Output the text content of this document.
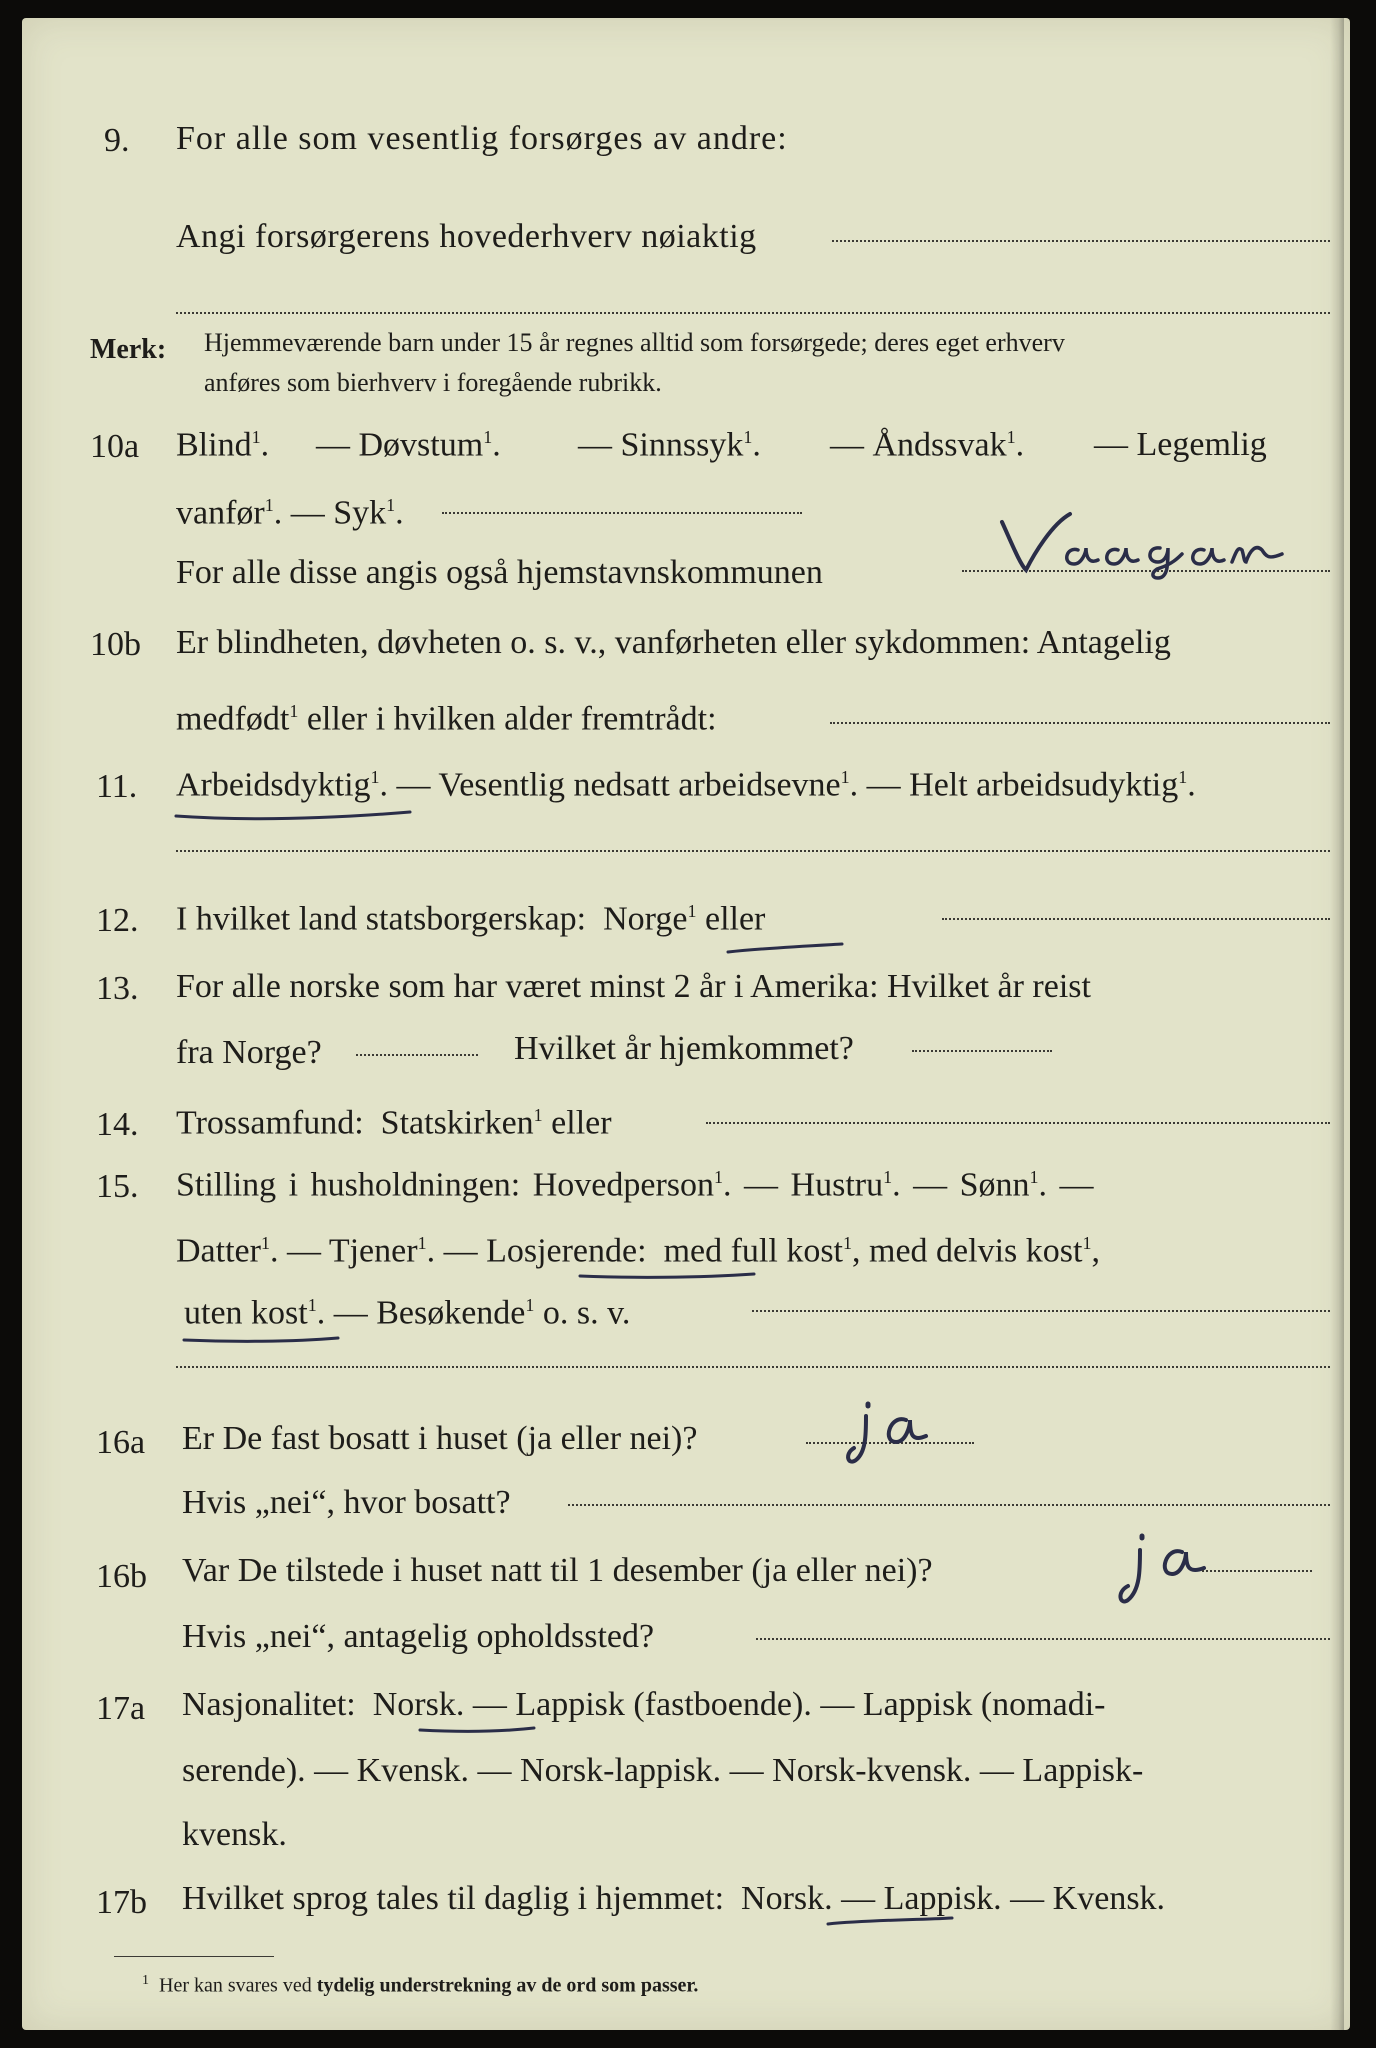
9. For alle som vesentlig forsørges av andre:
Angi forsørgerens hovederhverv nøiaktig
Merk: Hjemmeværende barn under 15 år regnes alltid som forsørgede; deres eget erhverv
anføres som bierhverv i foregående rubrikk.
10a Blind$^1$. — Døvstum$^1$. — Sinnssyk$^1$. — Åndssvak$^1$. — Legemlig
vanfør$^1$. — Syk$^1$.
For alle disse angis også hjemstavnskommunen
10b Er blindheten, døvheten o. s. v., vanførheten eller sykdommen: Antagelig
medfødt$^1$ eller i hvilken alder fremtrådt:
11. Arbeidsdyktig$^1$. — Vesentlig nedsatt arbeidsevne$^1$. — Helt arbeidsudyktig$^1$.
12. I hvilket land statsborgerskap: Norge$^1$ eller
13. For alle norske som har været minst 2 år i Amerika: Hvilket år reist
fra Norge?	Hvilket år hjemkommet?
14. Trossamfund: Statskirken$^1$ eller
15. Stilling i husholdningen: Hovedperson$^1$. — Hustru$^1$. — Sønn$^1$. —
Datter$^1$. — Tjener$^1$. — Losjerende: med full kost$^1$, med delvis kost$^1$,
uten kost$^1$. — Besøkende$^1$ o. s. v.
16a Er De fast bosatt i huset (ja eller nei)?
Hvis „nei“, hvor bosatt?
16b Var De tilstede i huset natt til 1 desember (ja eller nei)?
Hvis „nei“, antagelig opholdssted?
17a Nasjonalitet: Norsk. — Lappisk (fastboende). — Lappisk (nomadi-
serende). — Kvensk. — Norsk-lappisk. — Norsk-kvensk. — Lappisk-
kvensk.
17b Hvilket sprog tales til daglig i hjemmet: Norsk. — Lappisk. — Kvensk.
$^1$ Her kan svares ved tydelig understrekning av de ord som passer.
